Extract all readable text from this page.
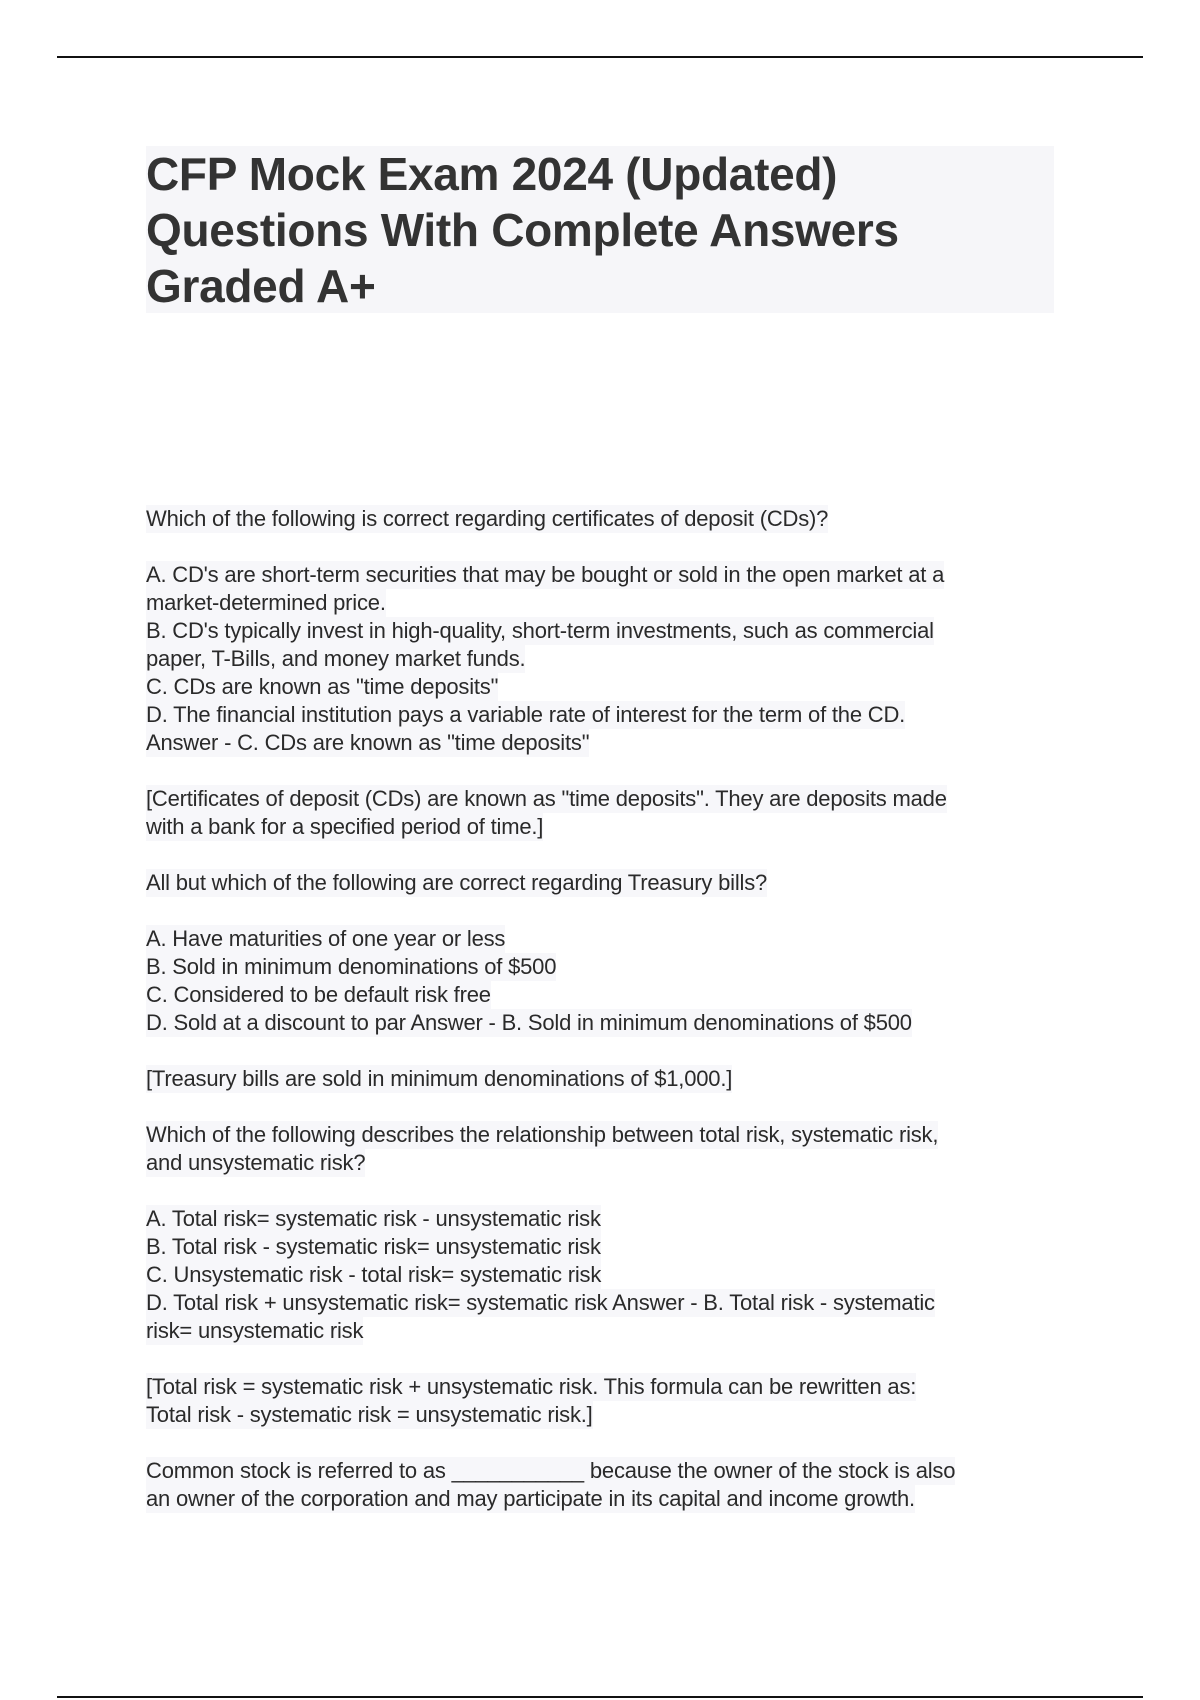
CFP Mock Exam 2024 (Updated)
Questions With Complete Answers
Graded A+
Which of the following is correct regarding certificates of deposit (CDs)?
A. CD's are short-term securities that may be bought or sold in the open market at a
market-determined price.
B. CD's typically invest in high-quality, short-term investments, such as commercial
paper, T-Bills, and money market funds.
C. CDs are known as "time deposits"
D. The financial institution pays a variable rate of interest for the term of the CD.
Answer - C. CDs are known as "time deposits"
[Certificates of deposit (CDs) are known as "time deposits". They are deposits made
with a bank for a specified period of time.]
All but which of the following are correct regarding Treasury bills?
A. Have maturities of one year or less
B. Sold in minimum denominations of $500
C. Considered to be default risk free
D. Sold at a discount to par Answer - B. Sold in minimum denominations of $500
[Treasury bills are sold in minimum denominations of $1,000.]
Which of the following describes the relationship between total risk, systematic risk,
and unsystematic risk?
A. Total risk= systematic risk - unsystematic risk
B. Total risk - systematic risk= unsystematic risk
C. Unsystematic risk - total risk= systematic risk
D. Total risk + unsystematic risk= systematic risk Answer - B. Total risk - systematic
risk= unsystematic risk
[Total risk = systematic risk + unsystematic risk. This formula can be rewritten as:
Total risk - systematic risk = unsystematic risk.]
Common stock is referred to as ___________ because the owner of the stock is also
an owner of the corporation and may participate in its capital and income growth.
